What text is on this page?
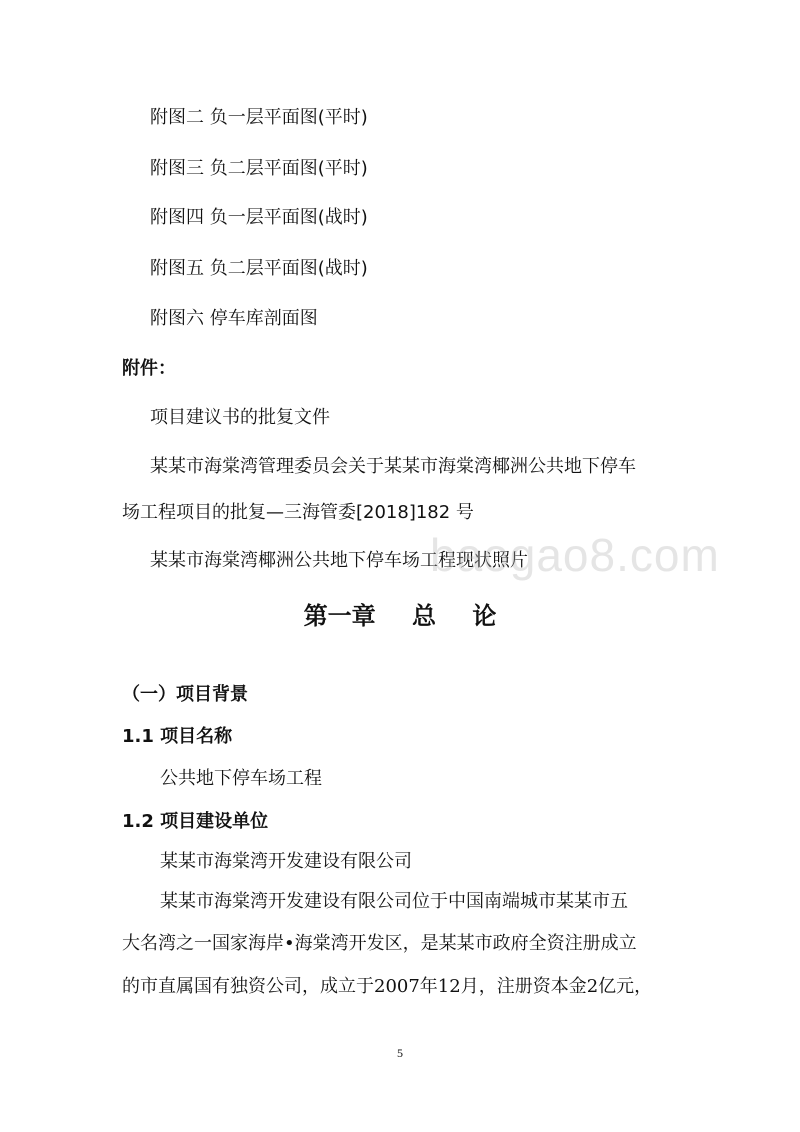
附图二 负一层平面图(平时)
附图三 负二层平面图(平时)
附图四 负一层平面图(战时)
附图五 负二层平面图(战时)
附图六 停车库剖面图
附件：
项目建议书的批复文件
某某市海棠湾管理委员会关于某某市海棠湾椰洲公共地下停车
场工程项目的批复—三海管委[2018]182 号
某某市海棠湾椰洲公共地下停车场工程现状照片
baogao8.com
第一章 总 论
（一）项目背景
1.1 项目名称
公共地下停车场工程
1.2 项目建设单位
某某市海棠湾开发建设有限公司
某某市海棠湾开发建设有限公司位于中国南端城市某某市五
大名湾之一国家海岸•海棠湾开发区，是某某市政府全资注册成立
的市直属国有独资公司，成立于2007年12月，注册资本金2亿元，
5
